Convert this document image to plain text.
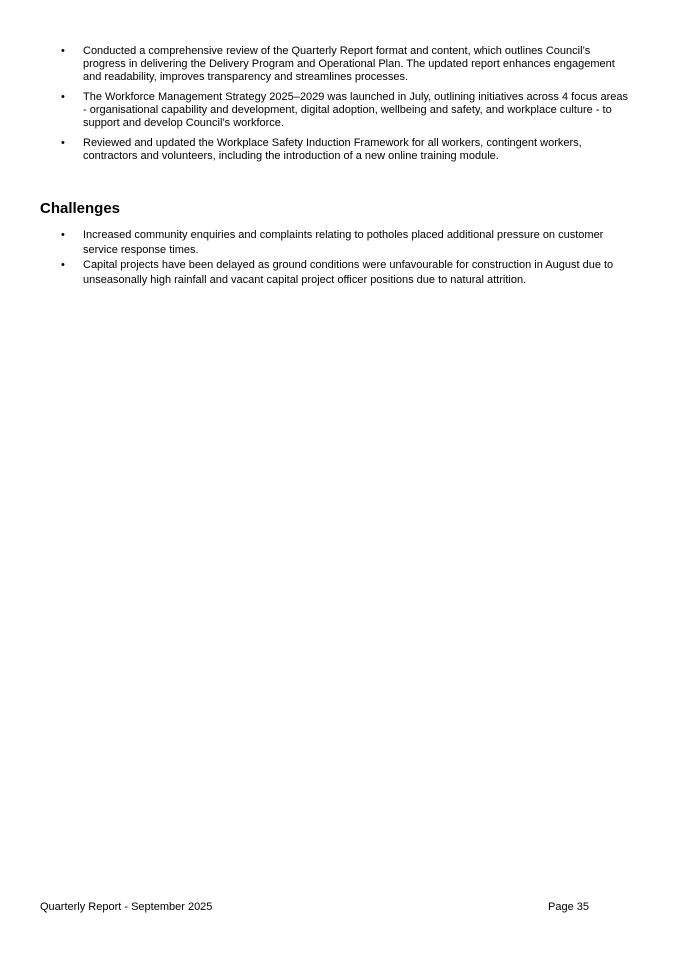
• Conducted a comprehensive review of the Quarterly Report format and content, which outlines Council’s progress in delivering the Delivery Program and Operational Plan. The updated report enhances engagement and readability, improves transparency and streamlines processes.
• The Workforce Management Strategy 2025–2029 was launched in July, outlining initiatives across 4 focus areas - organisational capability and development, digital adoption, wellbeing and safety, and workplace culture - to support and develop Council’s workforce.
• Reviewed and updated the Workplace Safety Induction Framework for all workers, contingent workers, contractors and volunteers, including the introduction of a new online training module.
Challenges
• Increased community enquiries and complaints relating to potholes placed additional pressure on customer service response times.
• Capital projects have been delayed as ground conditions were unfavourable for construction in August due to unseasonally high rainfall and vacant capital project officer positions due to natural attrition.
Quarterly Report - September 2025	Page 35
